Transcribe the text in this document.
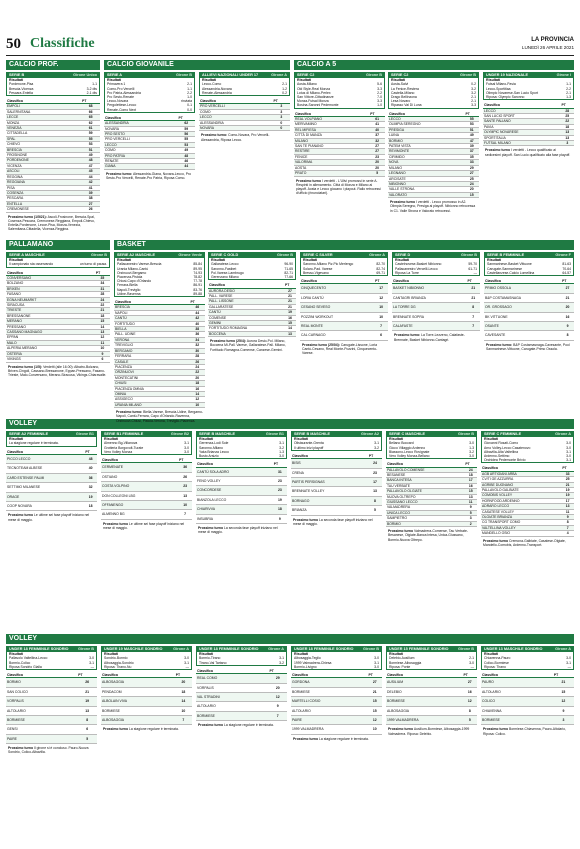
50 Classifiche	LA PROVINCIA
LUNEDÌ 26 APRILE 2021
CALCIO PROF.	CALCIO GIOVANILE	CALCIO A 5
PALLAMANO	BASKET
VOLLEY
VOLLEY
SERIE B	Girone Unico
Risultati
Pordenone-Pisa	1-1
Brescia-Vicenza	3-2 dts
Pescara-Entella	2-1 dts
Classifica	PT
EMPOLI	68
SALERNITANA	66
LECCE	65
MONZA	62
VENEZIA	61
CITTADELLA	59
SPAL	55
CHIEVO	53
BRESCIA	51
FROSINONE	49
PORDENONE	48
VICENZA	47
ASCOLI	45
REGGINA	44
REGGIANA	42
PISA	41
COSENZA	39
PESCARA	38
ENTELLA	27
CREMONESE	26
Prossimo turno (1/5/21): Ascoli-Frosinone, Brescia-Spal, Cosenza-Pescara, Cremonese-Reggiana, Empoli-Chievo, Entella-Pordenone, Lecce-Pisa, Monza-Venezia, Salernitana-Cittadella, Vicenza-Reggina.
SERIE A	Girone B
Risultati
Primavera 1	2-1
Como-Pro Vercelli	1-1
Pro Patria-Alessandria	2-2
Pro Sesto-Renate	1-0
Lecco-Novara	rinviata
Pergolettese-Lecco	0-1
Renate-Como Next	0-0
Classifica	PT
ALESSANDRIA	62
NOVARA	59
PRO SESTO	56
PRO VERCELLI	55
LECCO	53
COMO	49
PRO PATRIA	48
RENATE	46
GIANA	44
Prossimo turno: Alessandria-Giana, Novara-Lecco, Pro Sesto-Pro Vercelli, Renate-Pro Patria, Riposa Como.
ALLIEVI NAZIONALI UNDER 17	Girone A
Risultati
Lecco-Como	2-1
Alessandria-Novara	1-2
Renate-Alessandria	0-2
Classifica	PT
PRO VERCELLI	3
COMO	3
LECCO	3
ALESSANDRIA	0
NOVARA	0
Prossimo turno: Como-Novara, Pro Vercelli-Alessandria, Riposa Lecco.
SERIE C2	Girone B
Risultati
Aosta-Milano	5-6
Old Style-Real Monza	3-3
Lotus di Milano-Perlex	2-2
San Vittore-Cittadinanze	7-0
Monza-Futsal Monza	3-3
Bosina-Saronni Pedemonte	1-0
Classifica	PT
REAL VOLPIANO	61
MERIVAMINO	41
REL MIFIESA	40
CITTÀ DI MANZA	37
MILANO	32
SAN TE PIANANO	27
RESTIRE	27
FENICE	23
VALORIMA	20
AOSTA	20
PRATO	5
Prossimo turno I verdetti - L'Ulivi promossi in serie A. Respinti in allenamento. Città di Monza e Milano ai playoff. Aosta e Lecco giocano i playout. Rallo retrocessi d'ufficio (rinunciatari).
SERIE C2	Girone B
Risultati
Aosta-Salvi	0-2
La Fenice-Restera	3-2
Castella-Milano	3-2
Drago Bellinzona	2-1
Lesa Novaro	2-1
Ripasso Val Di Luna	3-3
Classifica	PT
LECCO	55
OLIMPIA SEREGNO	53
PRESIGA	51
LUINA	49
BORMIO	47
PATEM VISTA	39
REVIMONTE	37
CIRIMIDO	35
NOVA	33
MILANO	29
LEGNANO	27
ARCISATE	25
NIBIONNO	24
VALLE STRONA	20
VALORATO	15
Prossimo turno I verdetti - Lecco promosso in A2. Olimpia Seregno, Presiga ai playoff. Nibionno retrocessa in C1. Valle Strona e Valorato retrocessi.
UNDER 19 NAZIONALE	Girone I
Risultati
Futsal Milano-Pavia	1-1
Lecco-Sportitiaa	2-2
Olimpic Novarese-San Lucio Sport	2-1
Riposa: Olympic Saronno	1-3
Classifica	PT
LECCO	28
SAN LUCIO SPORT	25
SANTE PALIANO	22
PAVIA	18
OLYMPIC NOVARESE	13
SPORTITALIA	13
FUTSAL MILANO	3
Prossimo turno I verdetti - Lecco qualificato ai sedicesimi playoff. San Lucio qualificato alla fase playoff.
SERIE A MASCHILE	Girone B
Risultati
Il campionato sta osservando	un turno di pausa.
Classifica	PT
CONVERSANO	35
BOLZANO	34
BRIXEN	31
FASANO	28
EGNA NEUMARKT	24
SIRACUSA	22
TRIESTE	21
BRESSANONE	18
MERANO	15
PRESSANO	14
CASSANO MAGNAGO	13
EPPAN	12
MALO	11
ALPERIA MERANO	10
OSTERIA	9
VIKINGS	6
Prossimo turno (1/5): Verdetti (alle 16.00): Albatro-Bolzano, Brixen-Cingoli, Cassano-Bressanone, Eppan-Pressano, Fasano-Trieste, Malo-Conversano, Merano-Siracusa, Vikings-Chiaravalle.
SERIE A2 MASCHILE	Girone Verde
Risultati
Pallacanestro Varese-Brescia	85-84
Urania Milano-Cantù	89-95
Orzinuovi-Bergamo	74-93
Piacenza-Pistoia	78-82
Chiusi-Capo d'Orlando	77-78
Ferrara-Biella	86-91
Napoli-Treviglio	83-76
Udine-Ravenna	89-88
Classifica	PT
BRESCIA	46
NAPOLI	44
CANTÙ	42
FORTITUDO	40
BIELLA	38
PALL. UDINE	36
VERONA	34
TREVIGLIO	32
BERGAMO	30
FERRARA	28
CASALE	26
PIACENZA	24
ORZINUOVI	22
MONTECATINI	20
CHIUSI	18
PIACENZA OMNIA	16
OMNIA	14
ASSIGECO	12
URANIA MILANO	10
Prossimo turno: Biella-Varese, Brescia-Udine, Bergamo-Napoli, Cantù-Ferrara, Capo d'Orlando-Ravenna, Orzinuovi-Chiusi, Pistoia-Verona, Treviglio-Piacenza.
SERIE C GOLD	Girone B
Risultati
Gallaratese-Lecco	96-90
Saronno-Fastbet	71-65
Pol.Varese-Lambrugo	82-71
Gerenzano Milano	77-66
Classifica	PT
AURORA DESIO	27
PALL. VARESE	21
PALL. LISSONE	21
GALLARATESE	21
CANTÙ	19
COMENSE	16
GEMINI	15
FORTITUDO ROMAGNA	14
BOCCENA	13
Prossimo turno (25/4): Aurora Desio-Pol. Milano, Boccena Mi-Pall. Varese, Gallaratese-Pall. Milano, Fortitudo Romagna-Comense, Canzese-Gemini.
SERIE C SILVER	Girone A
Risultati
Saronno-Milano Piz.Pic Merlengo	82-70
Solaro-Pad. Varese	82-74
Bresso-Vigevano	69-71
Classifica	PT
CINQUECENTO	17
LORIA CANTÙ	12
CESANO SEVESO	10
POZZINI WORKOUT	10
REAL MONTE	7
CAL CARNAGO	6
Prossimo turno (25/04): Carugate-Lissone, Loria Cantù-Cesano, Real Monte-Pozzini, Cinquecento-Varese.
SERIE D	Girone B
Risultati
Castelnovese-Basket Nibionno	59-70
Pallacanestro Vercelli-Lecco	61-71
Riposa La Torre	—
Classifica	PT
BASKET NIBIONNO	21
CANTAGRI BRIANZA	21
LA TORRE DG	8
BRENNATE SOPRA	7
CALAFASTE	7
Prossimo turno: La Torre-Lezzeno, Calafaste-Brennate, Basket Nibionno-Cantagri.
SERIE B FEMMINILE	Girone F
Risultati
Sanmarinese-Basket Vittuone	81-63
Carugate-Sanmarinese	70-64
Castellanzese-Calcio Lomellina	64-57
Classifica	PT
PRIMO OSSOLA	27
B&P COSTAMASNAGA	21
OR. GROSSAGO	20
BK VITTUONE	16
OSANTE	9
CAVESANTE	8
Prossimo turno: B&P Costamasnaga-Cavesante, Pool Sanmarinese-Vittuone, Carugate-Primo Ossola.
SERIE A2 FEMMINILE	Girone B1
Risultati
La stagione regolare è terminata.
Classifica	PT
PICCO LECCO	48
TECNOTEAM ALBESE	40
CARD ESTENSE PALMI	36
SETTIMO MILANESE	32
ORAGE	19
COOP NOVARA	18
Prossimo turno Le ultime sei fase playoff iniziano nel mese di maggio.
SERIE B1 FEMMINILE	Girone B2
Risultati
Almenno Bg-Villanova	3-1
Grotteria Borgovolt-Turate	3-0
Vero Volley Monza	3-0
Classifica	PT
CERMENATE	36
OSTIANO	26
COSTA VOLPINO	23
DON COLLEONI LBG	13
OFFANENGO	10
ALMENNO BG	7
Prossimo turno Le ultime sei fase playoff iniziano nel mese di maggio.
SERIE B MASCHILE	Girone B1
Risultati
Gerrenza-Lodi Sole	3-1
Saronno-Milano	3-2
Yaka Brianza Lecco	1-3
Busto Arsizio	3-0
Classifica	PT
CANTÙ SOLA ADRO	31
FENO VOLLEY	23
CONCORDESE	23
BIANZOLA LECCO	19
CHIARIVVA	18
INSUBRIA	9
Prossimo turno La seconda fase playoff iniziano nel mese di maggio.
SERIE B MASCHILE	Girone A2
Risultati
Olistaurante-Grenta	3-1
Il ultimo inizi playoff	3-2
Classifica	PT
BISIS	24
CRENA	23
PARTIS PERSIGNAS	17
BRENNATE VOLLEY	13
BORNAGO	8
BRIANZA	5
Prossimo turno La seconda fase playoff iniziano nel mese di maggio.
SERIE C MASCHILE	Girone B
Risultati
Bellano Boccard	3-0
Gioco Villaggio Ardenno	1-3
Biassono-Lecco Rovignate	3-2
Vero Volley Monza-Bellano	3-0
Classifica	PT
PALLAVOLO COMENSE	24
BESANESE	18
BANCA INTESA	17
TAU VERBATE	16
PALLAVOLO OLGIATE	15
NUOVA OLTREPO	13
GIUSSANO LECCO	11
VALMADRERA	9
UNICA LECCO	5
SAMPIETRO	3
BORMIO	2
Prossimo turno Valmadrera-Comense, Tau Verbate-Besanese, Olgiate-Banca Intesa, Unica-Giussano, Bormio-Nuova Oltrepo.
SERIE C FEMMINILE	Girone A
Risultati
Giovanni Rosati-Como	3-0
Arno Volley-Lecco Casatenovo	3-0
Albavilla-Alta Valtellina	3-1
Ardenno-Settimo	3-0
Orchidea Pedemonte Brivio	3-1
Classifica	PT
AGB ARTIGIANI ARBA	33
CV/TI GE AZZURRA	25
AGRIBE DUGNANO	21
PALLAVOLO GALBIATE	19
COMOBIS VOLLEY	19
HORNFOOD ARDENNO	17
ADRARO LECCO	13
CASATESE VOLLEY	11
OLGIATE BRIANZA	9
CG TRANSPORT COMO	8
VALTELLINA VOLLEY	7
MANDELLO OSIO	4
Prossimo turno Cremona-Galbiate, Casatese-Olgiate, Mandello-Comobis, Ardenno-Transport.
UNDER 18 FEMMINILE SONDRIO Girone B
Risultati
Pallavolo Valtellina-Lecco	3-0
Bormio-Colico	3-1
Riposa Sondrio Gialla	—
Classifica	PT
BORMIO	26
SAN COLICO	21
VORPALIS	19
ALTOLARIO	13
BORMIESE	8
GENSI	6
PAIRE	5
Prossimo turno Il girone si è concluso. Pauro-Nuova Sondrio, Colico-Albavilla.
UNDER 19 MASCHILE SONDRIO	Girone A
Risultati
Sondrio-Bormio	3-0
Albosaggia-Sondrio	3-1
Riposa: Tirano-Nu	—
Classifica	PT
ALBOSAGGIA	20
PENDACOM	18
ALBOLAIN VIVA	14
BORMIESE	10
ALBOSAGGIA	7
Prossimo turno La stagione regolare è terminata.
UNDER 18 FEMMINILE SONDRIO	Girone A
Risultati
Bormio-Tirano	3-1
Tirano-Val Tartano	3-2
Classifica	PT
REAL COMO	29
VORPALIS	20
VAL STRADINI	12
ALTOLARIO	9
BORMIESE	7
Prossimo turno La stagione regolare è terminata.
UNDER 18 FEMMINILE SONDRIO Girone B
Risultati
Albosaggia-Teglio	3-0
1999 Valmadrera-Chiesa	3-1
Bormio-Livigno	3-0
Classifica	PT
GORDONA	27
BORMIESE	21
MARTELLI COSIO	15
ALTOLARIO	15
PAIRE	12
1999 VALMADRERA	10
Prossimo turno La stagione regolare è terminata.
UNDER 15 FEMMINILE SONDRIO Girone B
Risultati
Delebio-Ausilium	2-1
Bormiese-Albosaggia	3-0
Riposa: Ponte	—
Classifica	PT
AUSILIUM	27
DELEBIO	16
BORMIESE	12
ALBOSAGGIA	8
1999 VALMADRERA	5
Prossimo turno Ausilium-Bormiese, Albosaggia-1999 Valmadrera. Riposa: Delebio.
UNDER 13 MASCHILE SONDRIO	Girone A
Risultati
Chiavenna-Pauro	3-0
Colico-Bormiese	3-1
Riposa: Tirano	—
Classifica	PT
PAURO	21
ALTOLARIO	15
COLICO	12
CHIAVENNA	9
BORMIESE	3
Prossimo turno Bormiese-Chiavenna, Pauro-Altolario, Riposa: Colico.
